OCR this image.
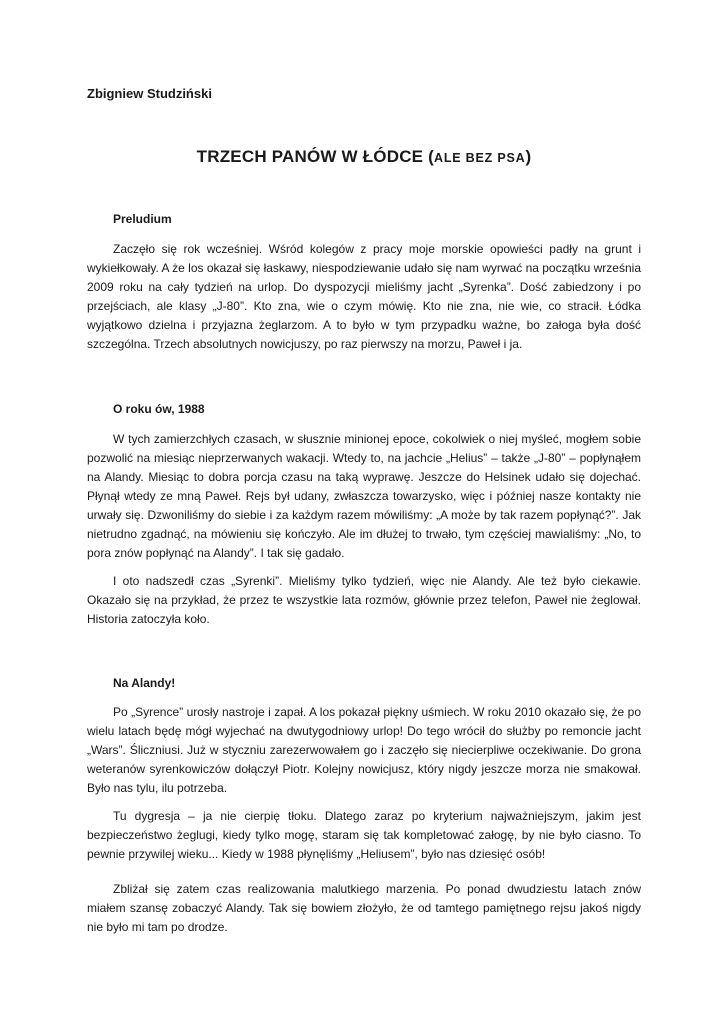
Zbigniew Studziński
TRZECH PANÓW W ŁÓDCE (ALE BEZ PSA)
Preludium

Zaczęło się rok wcześniej. Wśród kolegów z pracy moje morskie opowieści padły na grunt i wykiełkowały. A że los okazał się łaskawy, niespodziewanie udało się nam wyrwać na początku września 2009 roku na cały tydzień na urlop. Do dyspozycji mieliśmy jacht „Syrenka”. Dość zabiedzony i po przejściach, ale klasy „J-80”. Kto zna, wie o czym mówię. Kto nie zna, nie wie, co stracił. Łódka wyjątkowo dzielna i przyjazna żeglarzom. A to było w tym przypadku ważne, bo załoga była dość szczególna. Trzech absolutnych nowicjuszy, po raz pierwszy na morzu, Paweł i ja.

O roku ów, 1988

W tych zamierzchłych czasach, w słusznie minionej epoce, cokolwiek o niej myśleć, mogłem sobie pozwolić na miesiąc nieprzerwanych wakacji. Wtedy to, na jachcie „Helius” – także „J-80” – popłynąłem na Alandy. Miesiąc to dobra porcja czasu na taką wyprawę. Jeszcze do Helsinek udało się dojechać. Płynął wtedy ze mną Paweł. Rejs był udany, zwłaszcza towarzysko, więc i później nasze kontakty nie urwały się. Dzwoniliśmy do siebie i za każdym razem mówiliśmy: „A może by tak razem popłynąć?”. Jak nietrudno zgadnąć, na mówieniu się kończyło. Ale im dłużej to trwało, tym częściej mawialiśmy: „No, to pora znów popłynąć na Alandy”. I tak się gadało.

I oto nadszedł czas „Syrenki”. Mieliśmy tylko tydzień, więc nie Alandy. Ale też było ciekawie. Okazało się na przykład, że przez te wszystkie lata rozmów, głównie przez telefon, Paweł nie żeglował. Historia zatoczyła koło.

Na Alandy!

Po „Syrence” urosły nastroje i zapał. A los pokazał piękny uśmiech. W roku 2010 okazało się, że po wielu latach będę mógł wyjechać na dwutygodniowy urlop! Do tego wrócił do służby po remoncie jacht „Wars”. Śliczniusi. Już w styczniu zarezerwowałem go i zaczęło się niecierpliwe oczekiwanie. Do grona weteranów syrenkowiczów dołączył Piotr. Kolejny nowicjusz, który nigdy jeszcze morza nie smakował. Było nas tylu, ilu potrzeba.

Tu dygresja – ja nie cierpię tłoku. Dlatego zaraz po kryterium najważniejszym, jakim jest bezpieczeństwo żeglugi, kiedy tylko mogę, staram się tak kompletować załogę, by nie było ciasno. To pewnie przywilej wieku... Kiedy w 1988 płynęliśmy „Heliusem”, było nas dziesięć osób!

Zbliżał się zatem czas realizowania malutkiego marzenia. Po ponad dwudziestu latach znów miałem szansę zobaczyć Alandy. Tak się bowiem złożyło, że od tamtego pamiętnego rejsu jakoś nigdy nie było mi tam po drodze.
